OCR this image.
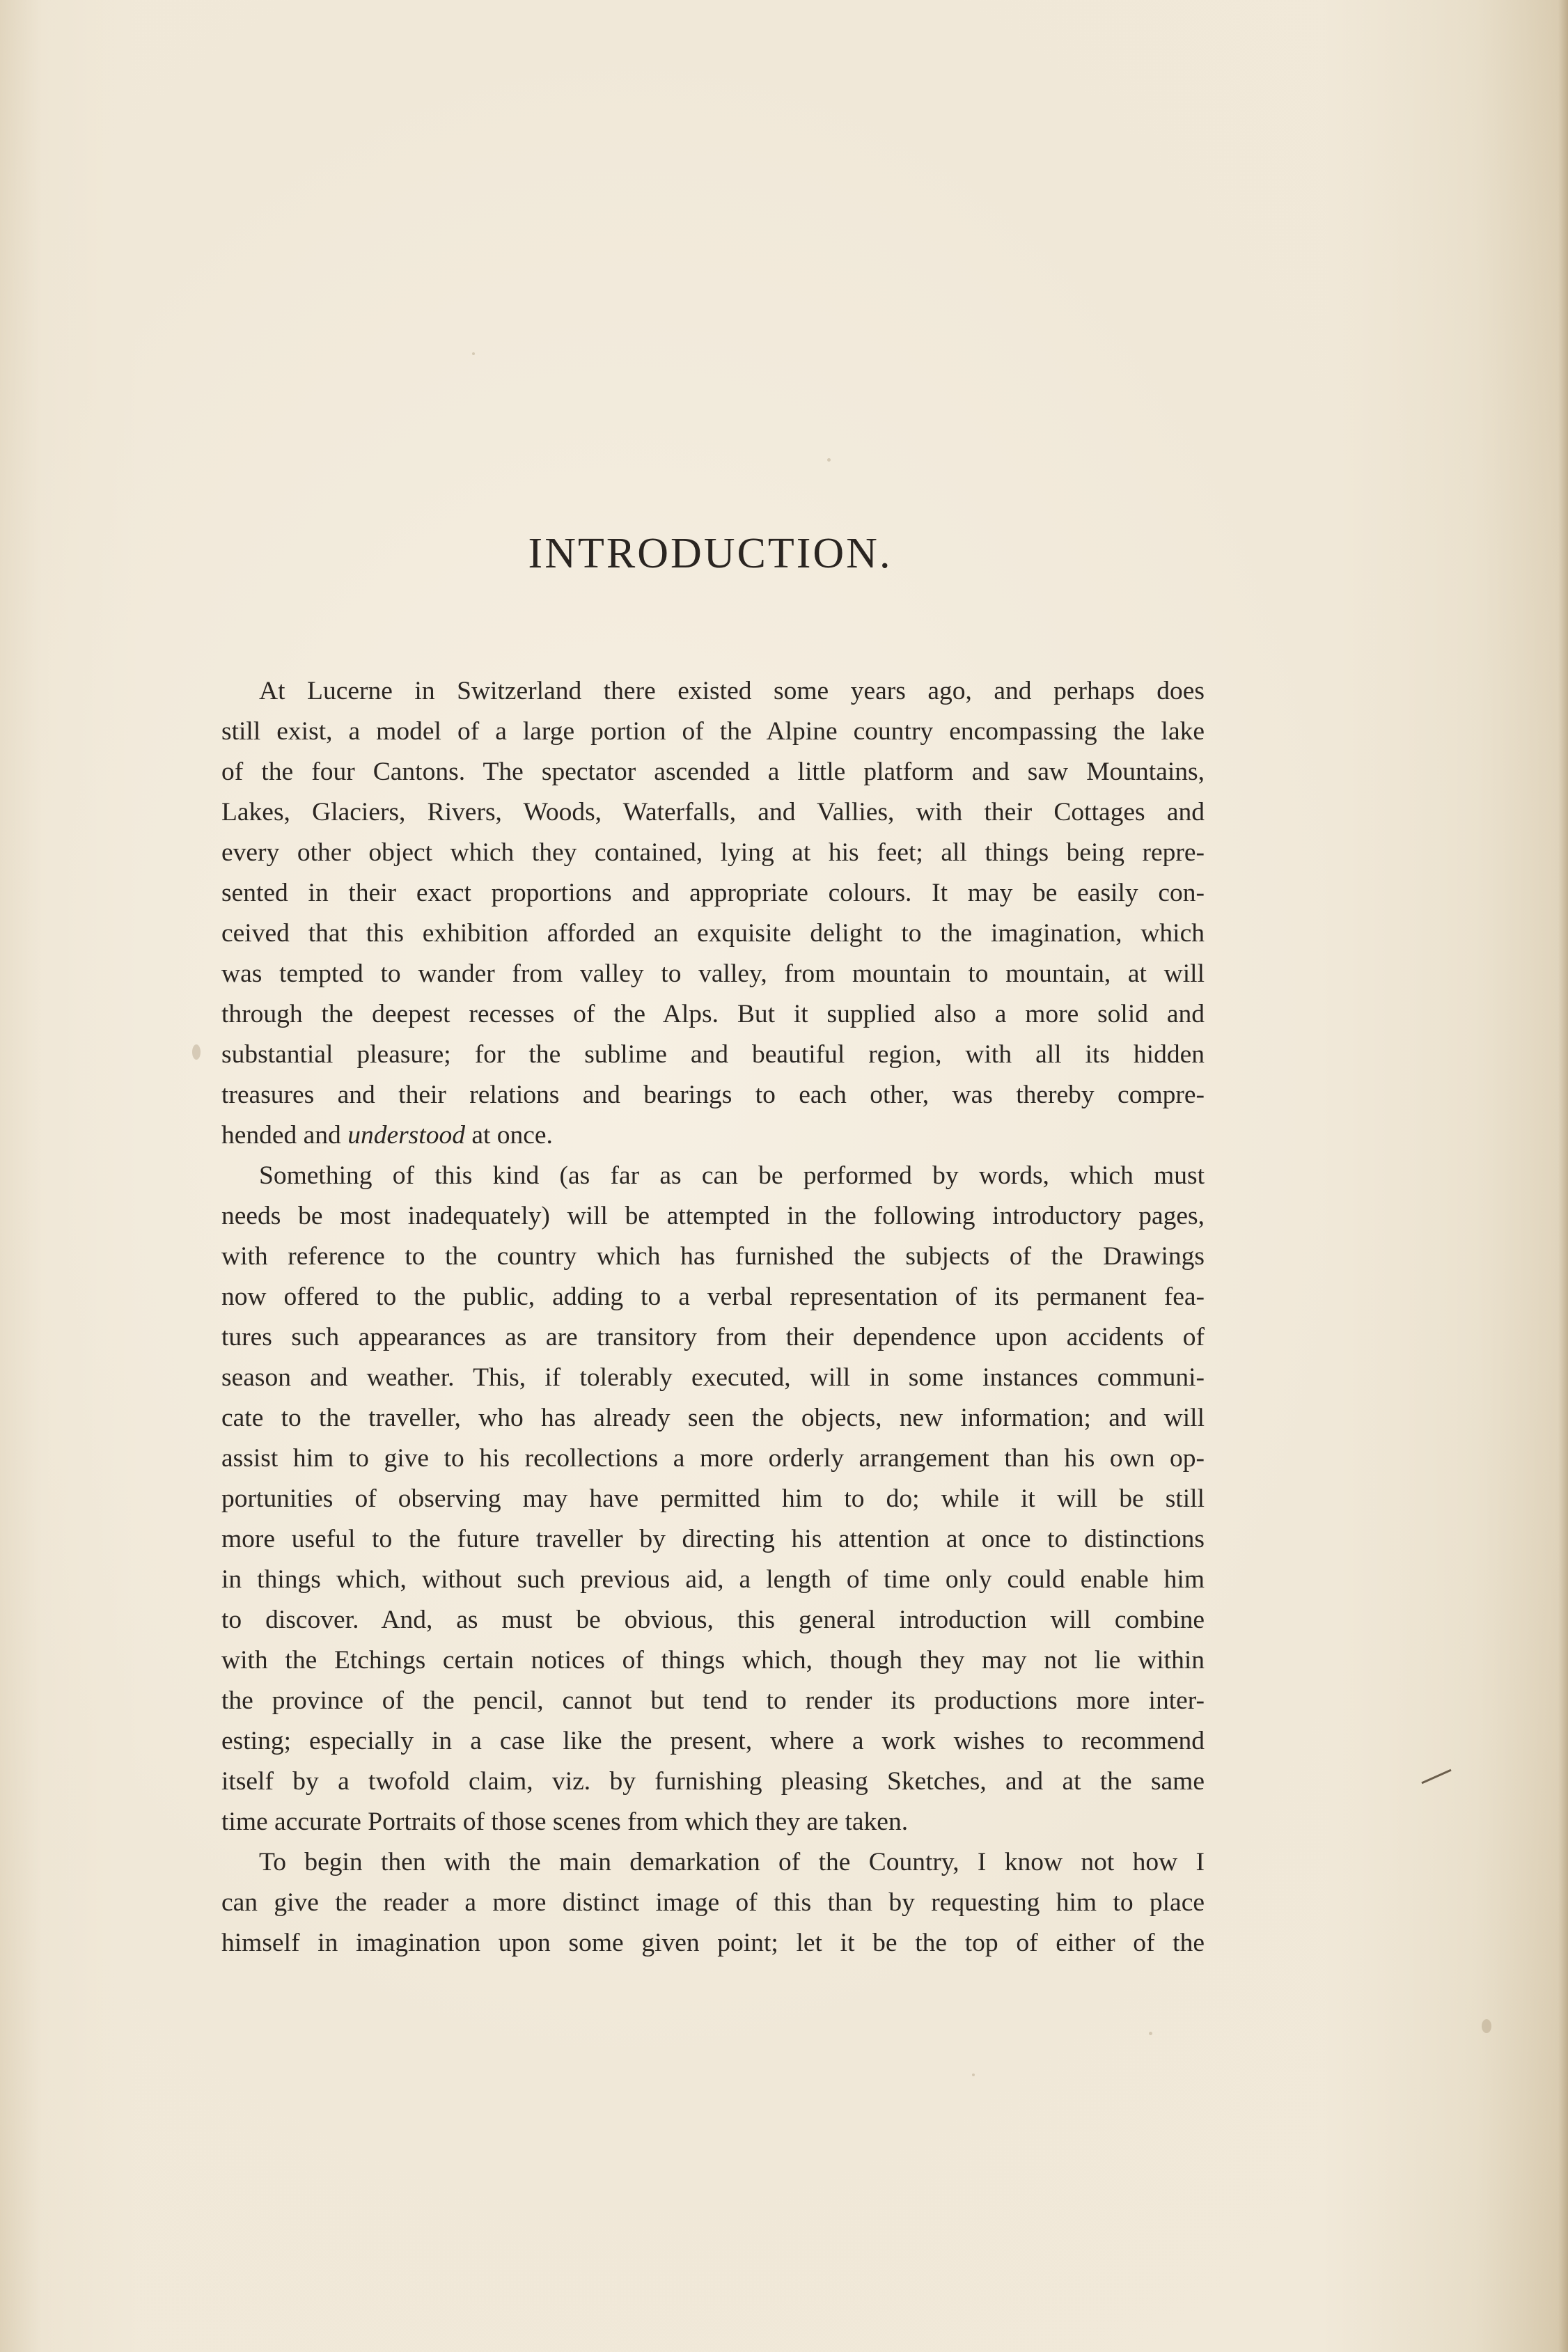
INTRODUCTION.
At Lucerne in Switzerland there existed some years ago, and perhaps does
still exist, a model of a large portion of the Alpine country encompassing the lake
of the four Cantons. The spectator ascended a little platform and saw Mountains,
Lakes, Glaciers, Rivers, Woods, Waterfalls, and Vallies, with their Cottages and
every other object which they contained, lying at his feet; all things being repre-
sented in their exact proportions and appropriate colours. It may be easily con-
ceived that this exhibition afforded an exquisite delight to the imagination, which
was tempted to wander from valley to valley, from mountain to mountain, at will
through the deepest recesses of the Alps. But it supplied also a more solid and
substantial pleasure; for the sublime and beautiful region, with all its hidden
treasures and their relations and bearings to each other, was thereby compre-
hended and understood at once.
Something of this kind (as far as can be performed by words, which must
needs be most inadequately) will be attempted in the following introductory pages,
with reference to the country which has furnished the subjects of the Drawings
now offered to the public, adding to a verbal representation of its permanent fea-
tures such appearances as are transitory from their dependence upon accidents of
season and weather. This, if tolerably executed, will in some instances communi-
cate to the traveller, who has already seen the objects, new information; and will
assist him to give to his recollections a more orderly arrangement than his own op-
portunities of observing may have permitted him to do; while it will be still
more useful to the future traveller by directing his attention at once to distinctions
in things which, without such previous aid, a length of time only could enable him
to discover. And, as must be obvious, this general introduction will combine
with the Etchings certain notices of things which, though they may not lie within
the province of the pencil, cannot but tend to render its productions more inter-
esting; especially in a case like the present, where a work wishes to recommend
itself by a twofold claim, viz. by furnishing pleasing Sketches, and at the same
time accurate Portraits of those scenes from which they are taken.
To begin then with the main demarkation of the Country, I know not how I
can give the reader a more distinct image of this than by requesting him to place
himself in imagination upon some given point; let it be the top of either of the
